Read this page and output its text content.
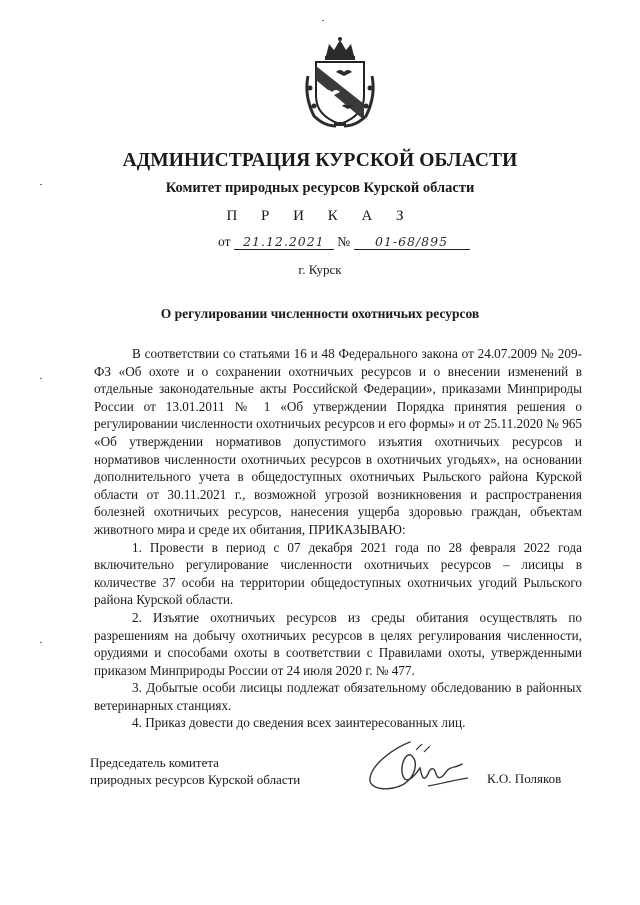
АДМИНИСТРАЦИЯ КУРСКОЙ ОБЛАСТИ
Комитет природных ресурсов Курской области
П Р И К А З
от 21.12.2021 № 01-68/895
г. Курск
О регулировании численности охотничьих ресурсов

В соответствии со статьями 16 и 48 Федерального закона от 24.07.2009 № 209-ФЗ «Об охоте и о сохранении охотничьих ресурсов и о внесении изменений в отдельные законодательные акты Российской Федерации», приказами Минприроды России от 13.01.2011 № 1 «Об утверждении Порядка принятия решения о регулировании численности охотничьих ресурсов и его формы» и от 25.11.2020 № 965 «Об утверждении нормативов допустимого изъятия охотничьих ресурсов и нормативов численности охотничьих ресурсов в охотничьих угодьях», на основании дополнительного учета в общедоступных охотничьих Рыльского района Курской области от 30.11.2021 г., возможной угрозой возникновения и распространения болезней охотничьих ресурсов, нанесения ущерба здоровью граждан, объектам животного мира и среде их обитания, ПРИКАЗЫВАЮ:

1. Провести в период с 07 декабря 2021 года по 28 февраля 2022 года включительно регулирование численности охотничьих ресурсов – лисицы в количестве 37 особи на территории общедоступных охотничьих угодий Рыльского района Курской области.

2. Изъятие охотничьих ресурсов из среды обитания осуществлять по разрешениям на добычу охотничьих ресурсов в целях регулирования численности, орудиями и способами охоты в соответствии с Правилами охоты, утвержденными приказом Минприроды России от 24 июля 2020 г. № 477.

3. Добытые особи лисицы подлежат обязательному обследованию в районных ветеринарных станциях.

4. Приказ довести до сведения всех заинтересованных лиц.

Председатель комитета
природных ресурсов Курской области	К.О. Поляков
